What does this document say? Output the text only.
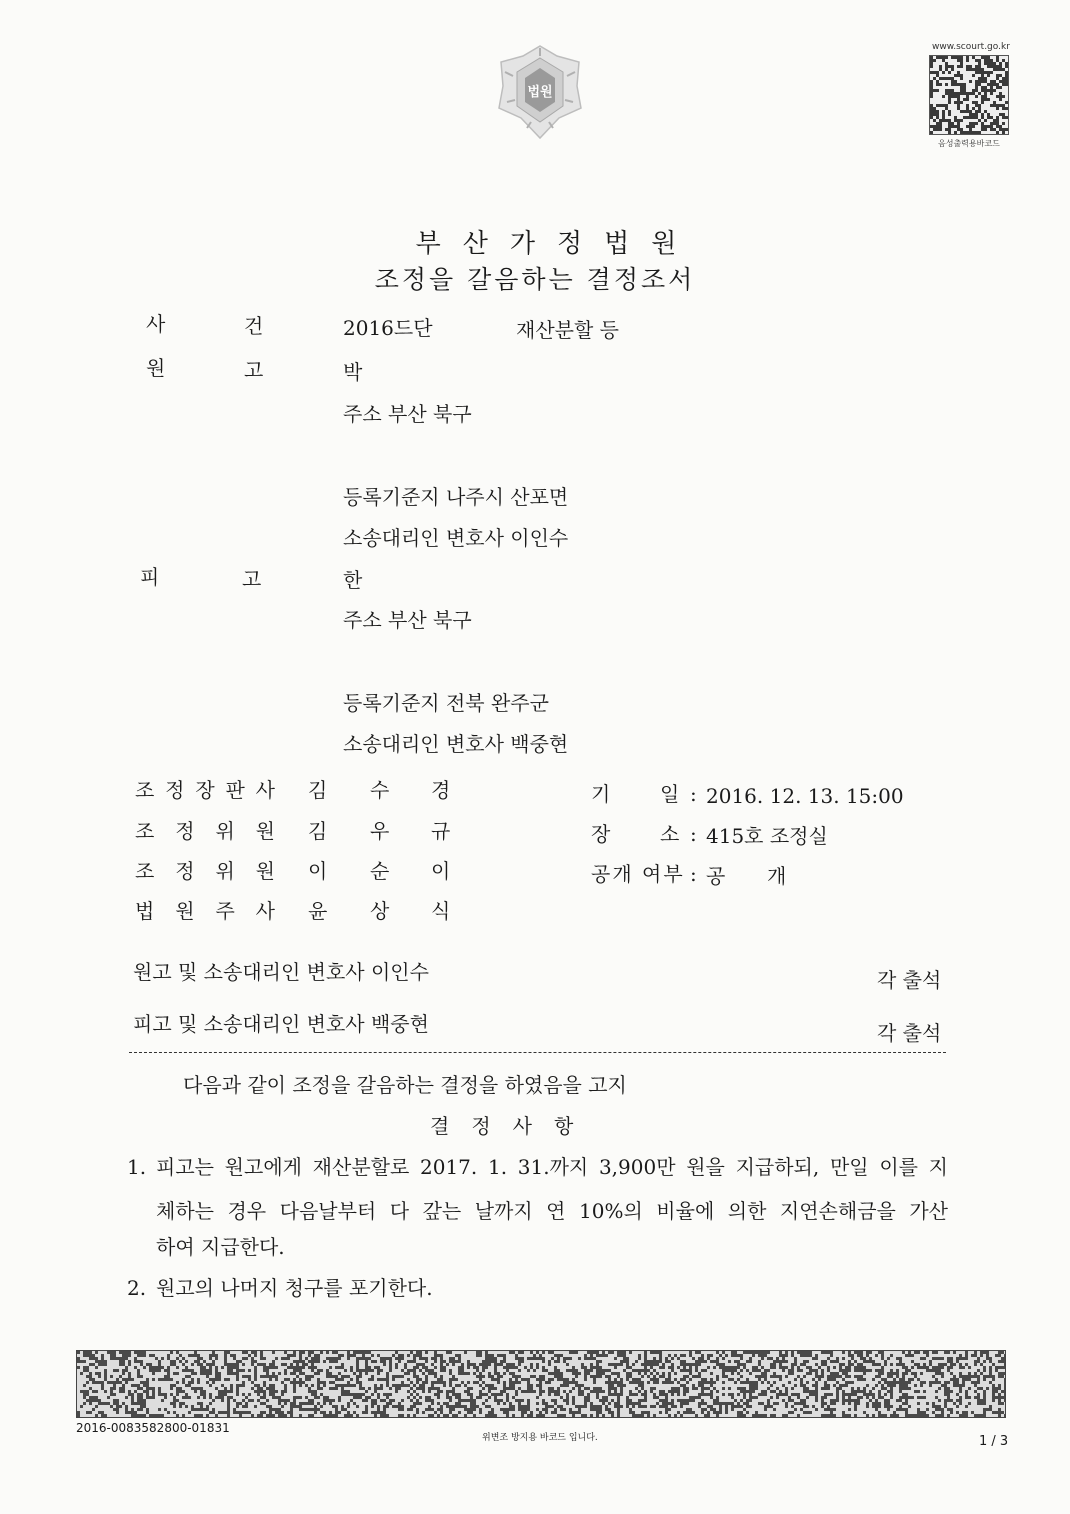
법원
www.scourt.go.kr
음성출력용바코드
부산가정법원
조정을 갈음하는 결정조서
사	건	2016드단	재산분할 등
원	고	박
주소 부산 북구
등록기준지 나주시 산포면
소송대리인 변호사 이인수
피	고	한
주소 부산 북구
등록기준지 전북 완주군
소송대리인 변호사 백중현
조 정 장 판 사 김 수 경
조 정 위 원 김 우 규
조 정 위 원 이 순 이
법 원 주 사 윤 상 식
기 일 : 2016. 12. 13. 15:00
장 소 : 415호 조정실
공개 여부 : 공 개
원고 및 소송대리인 변호사 이인수	각 출석
피고 및 소송대리인 변호사 백중현	각 출석
다음과 같이 조정을 갈음하는 결정을 하였음을 고지
결정사항
1. 피고는 원고에게 재산분할로 2017. 1. 31.까지 3,900만 원을 지급하되, 만일 이를 지
체하는 경우 다음날부터 다 갚는 날까지 연 10%의 비율에 의한 지연손해금을 가산
하여 지급한다.
2. 원고의 나머지 청구를 포기한다.
2016-0083582800-01831
위변조 방지용 바코드 입니다.	1 / 3
